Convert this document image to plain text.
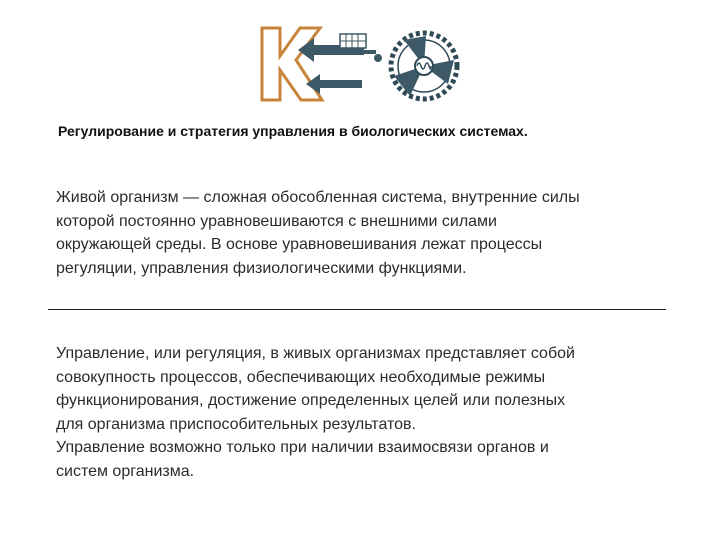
Регулирование и стратегия управления в биологических системах.
Живой организм — сложная обособленная система, внутренние силы
которой постоянно уравновешиваются с внешними силами
окружающей среды. В основе уравновешивания лежат процессы
регуляции, управления физиологическими функциями.
Управление, или регуляция, в живых организмах представляет собой
совокупность процессов, обеспечивающих необходимые режимы
функционирования, достижение определенных целей или полезных
для организма приспособительных результатов.
Управление возможно только при наличии взаимосвязи органов и
систем организма.
